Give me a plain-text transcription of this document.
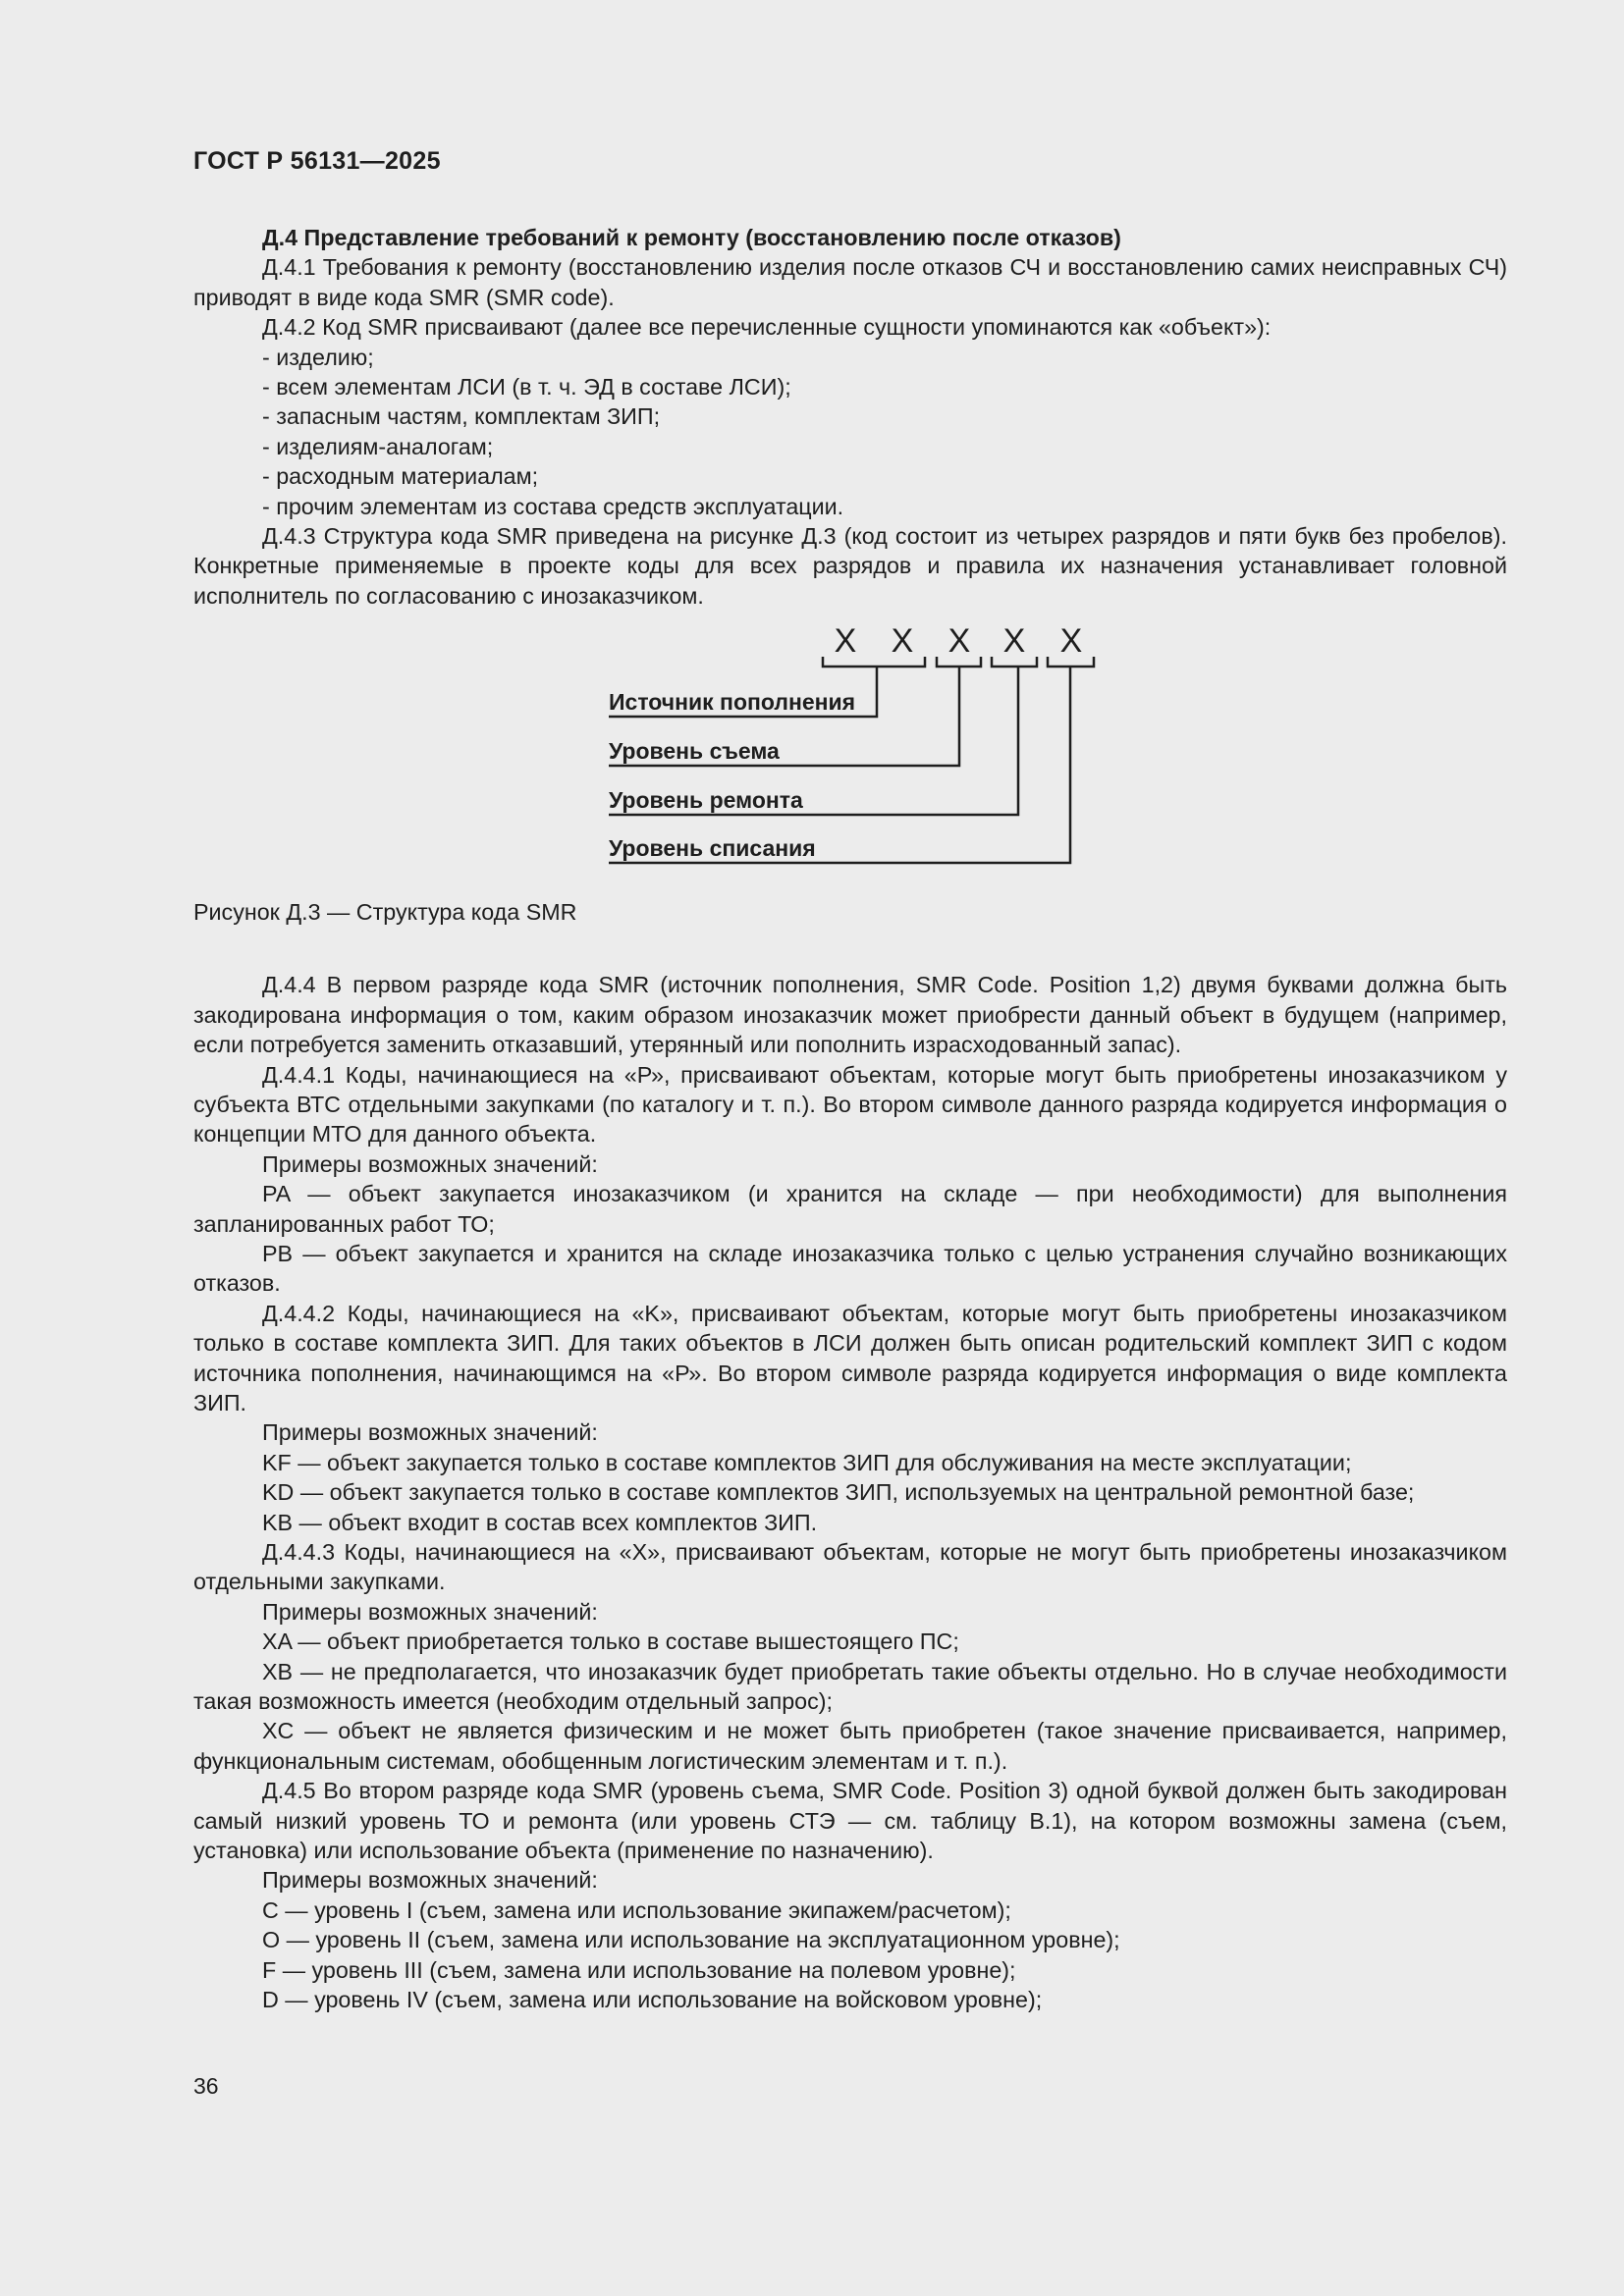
ГОСТ Р 56131—2025

Д.4 Представление требований к ремонту (восстановлению после отказов)

Д.4.1 Требования к ремонту (восстановлению изделия после отказов СЧ и восстановлению самих неисправных СЧ) приводят в виде кода SMR (SMR code).

Д.4.2 Код SMR присваивают (далее все перечисленные сущности упоминаются как «объект»):

- изделию;
- всем элементам ЛСИ (в т. ч. ЭД в составе ЛСИ);
- запасным частям, комплектам ЗИП;
- изделиям-аналогам;
- расходным материалам;
- прочим элементам из состава средств эксплуатации.

Д.4.3 Структура кода SMR приведена на рисунке Д.3 (код состоит из четырех разрядов и пяти букв без пробелов). Конкретные применяемые в проекте коды для всех разрядов и правила их назначения устанавливает головной исполнитель по согласованию с инозаказчиком.

X X X X X
Источник пополнения
Уровень съема
Уровень ремонта
Уровень списания

Рисунок Д.3 — Структура кода SMR

Д.4.4 В первом разряде кода SMR (источник пополнения, SMR Code. Position 1,2) двумя буквами должна быть закодирована информация о том, каким образом инозаказчик может приобрести данный объект в будущем (например, если потребуется заменить отказавший, утерянный или пополнить израсходованный запас).

Д.4.4.1 Коды, начинающиеся на «Р», присваивают объектам, которые могут быть приобретены инозаказчиком у субъекта ВТС отдельными закупками (по каталогу и т. п.). Во втором символе данного разряда кодируется информация о концепции МТО для данного объекта.

Примеры возможных значений:

PA — объект закупается инозаказчиком (и хранится на складе — при необходимости) для выполнения запланированных работ ТО;

PB — объект закупается и хранится на складе инозаказчика только с целью устранения случайно возникающих отказов.

Д.4.4.2 Коды, начинающиеся на «K», присваивают объектам, которые могут быть приобретены инозаказчиком только в составе комплекта ЗИП. Для таких объектов в ЛСИ должен быть описан родительский комплект ЗИП с кодом источника пополнения, начинающимся на «Р». Во втором символе разряда кодируется информация о виде комплекта ЗИП.

Примеры возможных значений:

KF — объект закупается только в составе комплектов ЗИП для обслуживания на месте эксплуатации;

KD — объект закупается только в составе комплектов ЗИП, используемых на центральной ремонтной базе;

KB — объект входит в состав всех комплектов ЗИП.

Д.4.4.3 Коды, начинающиеся на «X», присваивают объектам, которые не могут быть приобретены инозаказчиком отдельными закупками.

Примеры возможных значений:

XA — объект приобретается только в составе вышестоящего ПС;

XB — не предполагается, что инозаказчик будет приобретать такие объекты отдельно. Но в случае необходимости такая возможность имеется (необходим отдельный запрос);

XC — объект не является физическим и не может быть приобретен (такое значение присваивается, например, функциональным системам, обобщенным логистическим элементам и т. п.).

Д.4.5 Во втором разряде кода SMR (уровень съема, SMR Code. Position 3) одной буквой должен быть закодирован самый низкий уровень ТО и ремонта (или уровень СТЭ — см. таблицу В.1), на котором возможны замена (съем, установка) или использование объекта (применение по назначению).

Примеры возможных значений:

C — уровень I (съем, замена или использование экипажем/расчетом);

O — уровень II (съем, замена или использование на эксплуатационном уровне);

F — уровень III (съем, замена или использование на полевом уровне);

D — уровень IV (съем, замена или использование на войсковом уровне);

36
